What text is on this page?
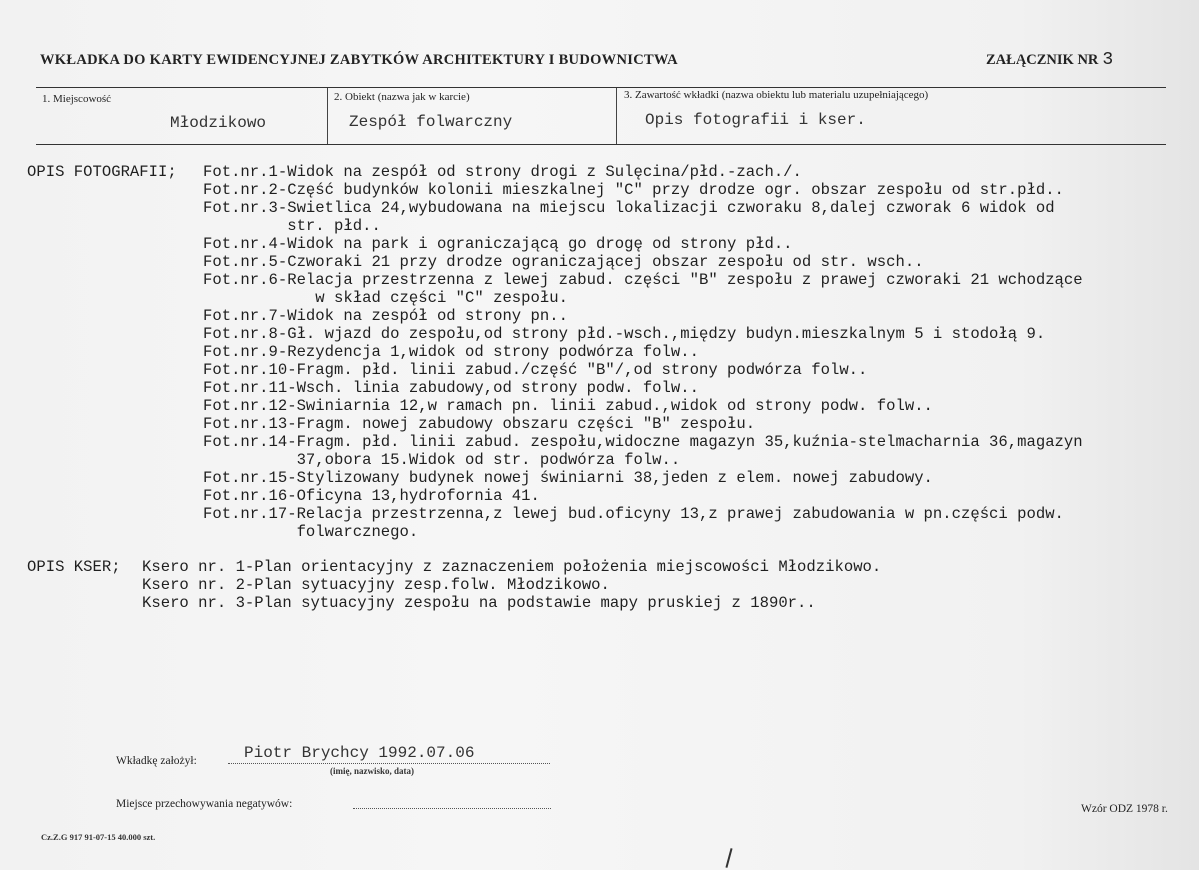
WKŁADKA DO KARTY EWIDENCYJNEJ ZABYTKÓW ARCHITEKTURY I BUDOWNICTWA	ZAŁĄCZNIK NR 3
1. Miejscowość
Młodzikowo
2. Obiekt (nazwa jak w karcie)
Zespół folwarczny
3. Zawartość wkładki (nazwa obiektu lub materialu uzupełniającego)
Opis fotografii i kser.
OPIS FOTOGRAFII; Fot.nr.1-Widok na zespół od strony drogi z Sulęcina/płd.-zach./.
Fot.nr.2-Część budynków kolonii mieszkalnej "C" przy drodze ogr. obszar zespołu od str.płd..
Fot.nr.3-Swietlica 24,wybudowana na miejscu lokalizacji czworaku 8,dalej czworak 6 widok od
str. płd..
Fot.nr.4-Widok na park i ograniczającą go drogę od strony płd..
Fot.nr.5-Czworaki 21 przy drodze ograniczającej obszar zespołu od str. wsch..
Fot.nr.6-Relacja przestrzenna z lewej zabud. części "B" zespołu z prawej czworaki 21 wchodzące
w skład części "C" zespołu.
Fot.nr.7-Widok na zespół od strony pn..
Fot.nr.8-Gł. wjazd do zespołu,od strony płd.-wsch.,między budyn.mieszkalnym 5 i stodołą 9.
Fot.nr.9-Rezydencja 1,widok od strony podwórza folw..
Fot.nr.10-Fragm. płd. linii zabud./część "B"/,od strony podwórza folw..
Fot.nr.11-Wsch. linia zabudowy,od strony podw. folw..
Fot.nr.12-Swiniarnia 12,w ramach pn. linii zabud.,widok od strony podw. folw..
Fot.nr.13-Fragm. nowej zabudowy obszaru części "B" zespołu.
Fot.nr.14-Fragm. płd. linii zabud. zespołu,widoczne magazyn 35,kuźnia-stelmacharnia 36,magazyn
37,obora 15.Widok od str. podwórza folw..
Fot.nr.15-Stylizowany budynek nowej świniarni 38,jeden z elem. nowej zabudowy.
Fot.nr.16-Oficyna 13,hydrofornia 41.
Fot.nr.17-Relacja przestrzenna,z lewej bud.oficyny 13,z prawej zabudowania w pn.części podw.
folwarcznego.
OPIS KSER; Ksero nr. 1-Plan orientacyjny z zaznaczeniem położenia miejscowości Młodzikowo.
Ksero nr. 2-Plan sytuacyjny zesp.folw. Młodzikowo.
Ksero nr. 3-Plan sytuacyjny zespołu na podstawie mapy pruskiej z 1890r..
Wkładkę założył:	Piotr Brychcy 1992.07.06
(imię, nazwisko, data)
Miejsce przechowywania negatywów:	Wzór ODZ 1978 r.
Cz.Z.G 917 91-07-15 40.000 szt.
